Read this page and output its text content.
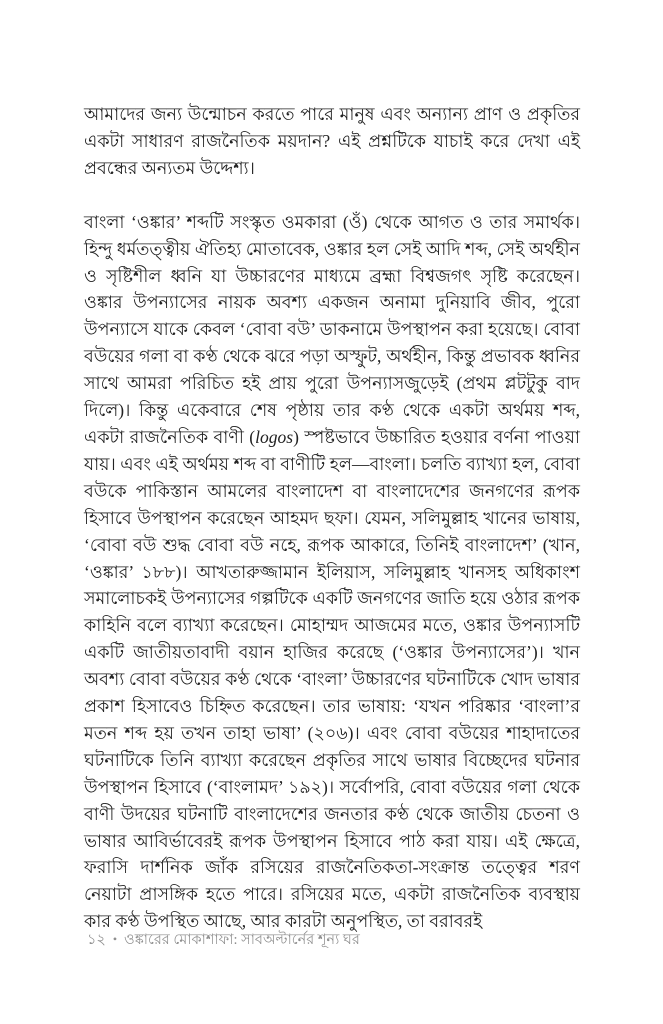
আমাদের জন্য উন্মোচন করতে পারে মানুষ এবং অন্যান্য প্রাণ ও প্রকৃতির একটা সাধারণ রাজনৈতিক ময়দান? এই প্রশ্নটিকে যাচাই করে দেখা এই প্রবন্ধের অন্যতম উদ্দেশ্য।

বাংলা ‘ওঙ্কার’ শব্দটি সংস্কৃত ওমকারা (ওঁ) থেকে আগত ও তার সমার্থক। হিন্দু ধর্মতত্ত্বীয় ঐতিহ্য মোতাবেক, ওঙ্কার হল সেই আদি শব্দ, সেই অর্থহীন ও সৃষ্টিশীল ধ্বনি যা উচ্চারণের মাধ্যমে ব্রহ্মা বিশ্বজগৎ সৃষ্টি করেছেন। ওঙ্কার উপন্যাসের নায়ক অবশ্য একজন অনামা দুনিয়াবি জীব, পুরো উপন্যাসে যাকে কেবল ‘বোবা বউ’ ডাকনামে উপস্থাপন করা হয়েছে। বোবা বউয়ের গলা বা কণ্ঠ থেকে ঝরে পড়া অস্ফুট, অর্থহীন, কিন্তু প্রভাবক ধ্বনির সাথে আমরা পরিচিত হই প্রায় পুরো উপন্যাসজুড়েই (প্রথম প্লটটুকু বাদ দিলে)। কিন্তু একেবারে শেষ পৃষ্ঠায় তার কণ্ঠ থেকে একটা অর্থময় শব্দ, একটা রাজনৈতিক বাণী (logos) স্পষ্টভাবে উচ্চারিত হওয়ার বর্ণনা পাওয়া যায়। এবং এই অর্থময় শব্দ বা বাণীটি হল—বাংলা। চলতি ব্যাখ্যা হল, বোবা বউকে পাকিস্তান আমলের বাংলাদেশ বা বাংলাদেশের জনগণের রূপক হিসাবে উপস্থাপন করেছেন আহমদ ছফা। যেমন, সলিমুল্লাহ খানের ভাষায়, ‘বোবা বউ শুদ্ধ বোবা বউ নহে, রূপক আকারে, তিনিই বাংলাদেশ’ (খান, ‘ওঙ্কার’ ১৮৮)। আখতারুজ্জামান ইলিয়াস, সলিমুল্লাহ খানসহ অধিকাংশ সমালোচকই উপন্যাসের গল্পটিকে একটি জনগণের জাতি হয়ে ওঠার রূপক কাহিনি বলে ব্যাখ্যা করেছেন। মোহাম্মদ আজমের মতে, ওঙ্কার উপন্যাসটি একটি জাতীয়তাবাদী বয়ান হাজির করেছে (‘ওঙ্কার উপন্যাসের’)। খান অবশ্য বোবা বউয়ের কণ্ঠ থেকে ‘বাংলা’ উচ্চারণের ঘটনাটিকে খোদ ভাষার প্রকাশ হিসাবেও চিহ্নিত করেছেন। তার ভাষায়: ‘যখন পরিষ্কার ‘বাংলা’র মতন শব্দ হয় তখন তাহা ভাষা’ (২০৬)। এবং বোবা বউয়ের শাহাদাতের ঘটনাটিকে তিনি ব্যাখ্যা করেছেন প্রকৃতির সাথে ভাষার বিচ্ছেদের ঘটনার উপস্থাপন হিসাবে (‘বাংলামদ’ ১৯২)। সর্বোপরি, বোবা বউয়ের গলা থেকে বাণী উদয়ের ঘটনাটি বাংলাদেশের জনতার কণ্ঠ থেকে জাতীয় চেতনা ও ভাষার আবির্ভাবেরই রূপক উপস্থাপন হিসাবে পাঠ করা যায়। এই ক্ষেত্রে, ফরাসি দার্শনিক জাঁক রসিয়ের রাজনৈতিকতা-সংক্রান্ত তত্ত্বের শরণ নেয়াটা প্রাসঙ্গিক হতে পারে। রসিয়ের মতে, একটা রাজনৈতিক ব্যবস্থায় কার কণ্ঠ উপস্থিত আছে, আর কারটা অনুপস্থিত, তা বরাবরই

১২ • ওঙ্কারের মোকাশাফা: সাবঅল্টার্নের শূন্য ঘর
